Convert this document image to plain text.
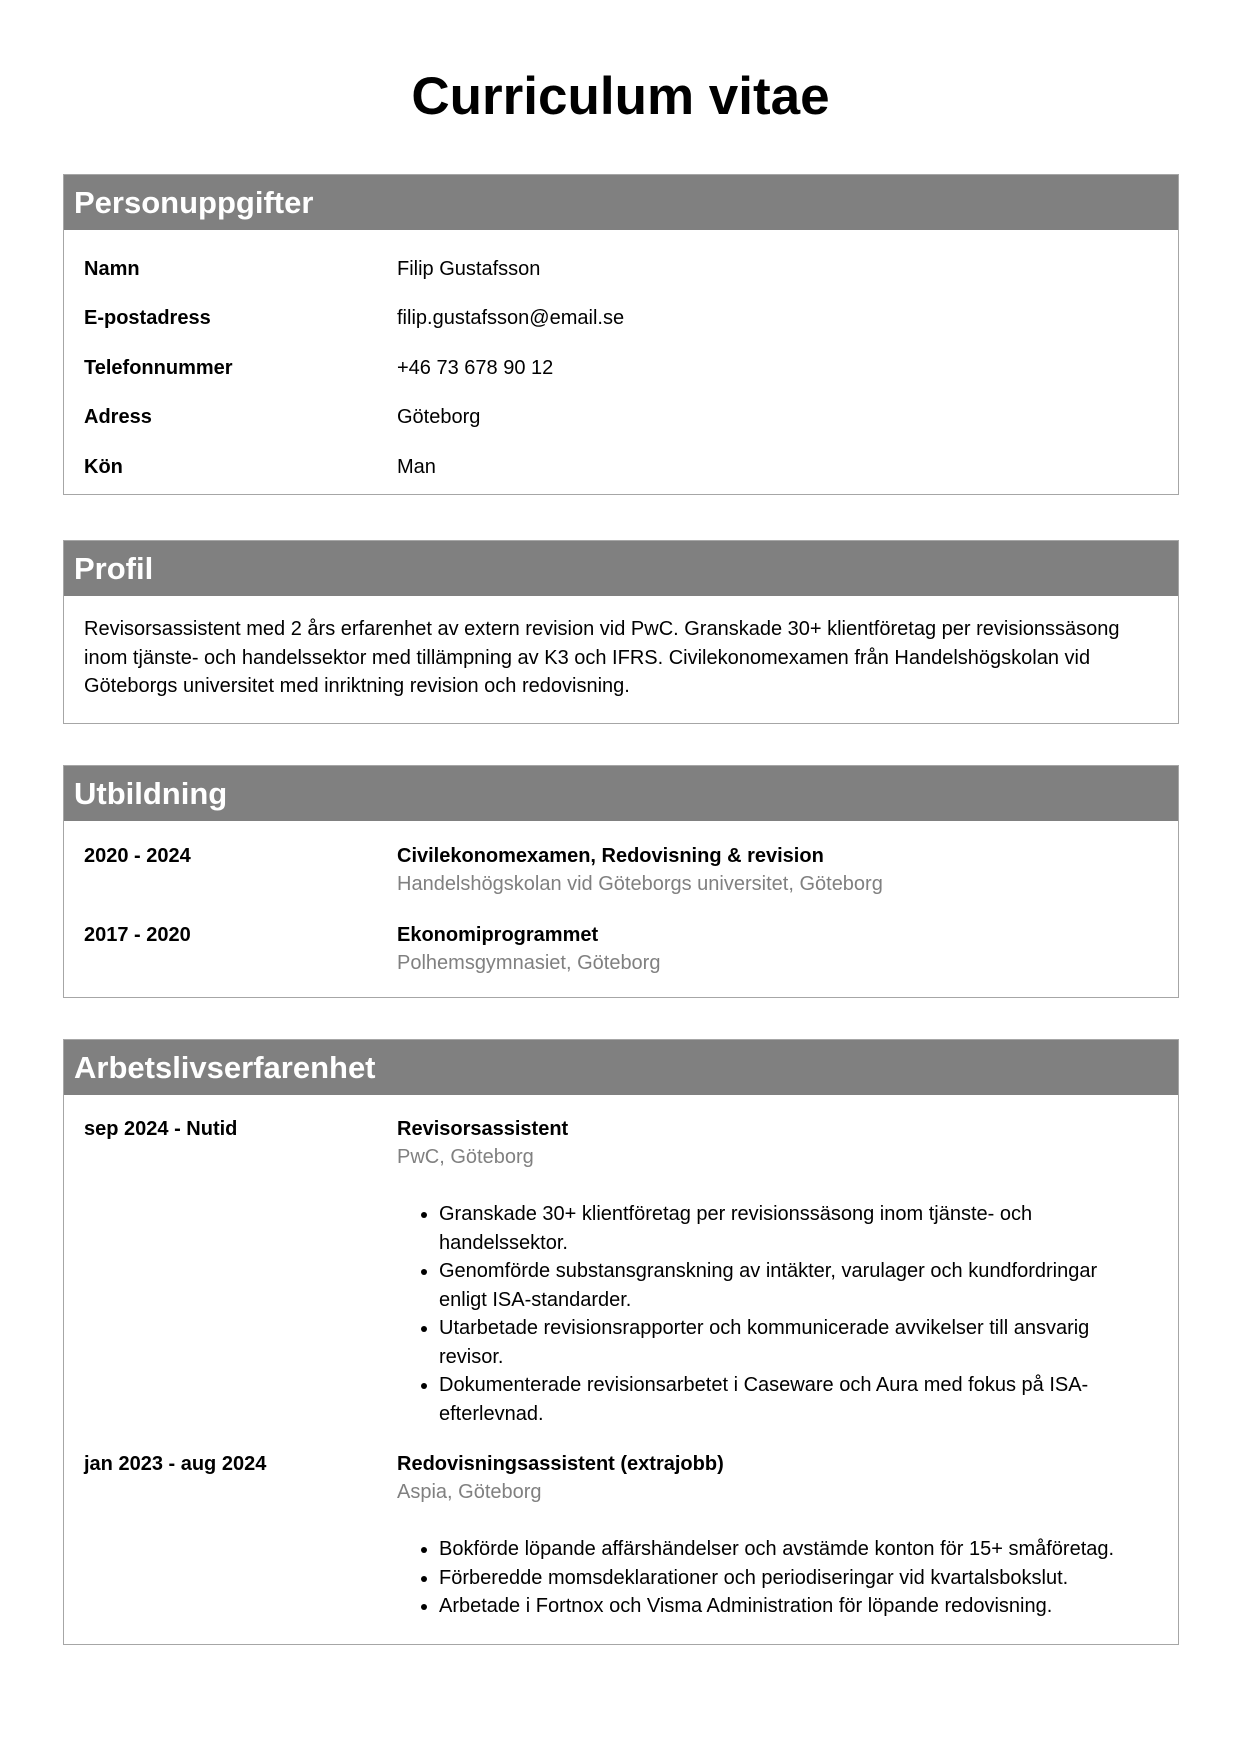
Curriculum vitae
Personuppgifter
Namn	Filip Gustafsson
E-postadress	filip.gustafsson@email.se
Telefonnummer	+46 73 678 90 12
Adress	Göteborg
Kön	Man
Profil

Revisorsassistent med 2 års erfarenhet av extern revision vid PwC. Granskade 30+ klientföretag per revisionssäsong inom tjänste- och handelssektor med tillämpning av K3 och IFRS. Civilekonomexamen från Handelshögskolan vid Göteborgs universitet med inriktning revision och redovisning.

Utbildning
2020 - 2024	Civilekonomexamen, Redovisning & revision
Handelshögskolan vid Göteborgs universitet, Göteborg
2017 - 2020	Ekonomiprogrammet
Polhemsgymnasiet, Göteborg
Arbetslivserfarenhet
sep 2024 - Nutid	Revisorsassistent
PwC, Göteborg
• Granskade 30+ klientföretag per revisionssäsong inom tjänste- och handelssektor.
• Genomförde substansgranskning av intäkter, varulager och kundfordringar enligt ISA-standarder.
• Utarbetade revisionsrapporter och kommunicerade avvikelser till ansvarig revisor.
• Dokumenterade revisionsarbetet i Caseware och Aura med fokus på ISA-efterlevnad.
jan 2023 - aug 2024	Redovisningsassistent (extrajobb)
Aspia, Göteborg
• Bokförde löpande affärshändelser och avstämde konton för 15+ småföretag.
• Förberedde momsdeklarationer och periodiseringar vid kvartalsbokslut.
• Arbetade i Fortnox och Visma Administration för löpande redovisning.
